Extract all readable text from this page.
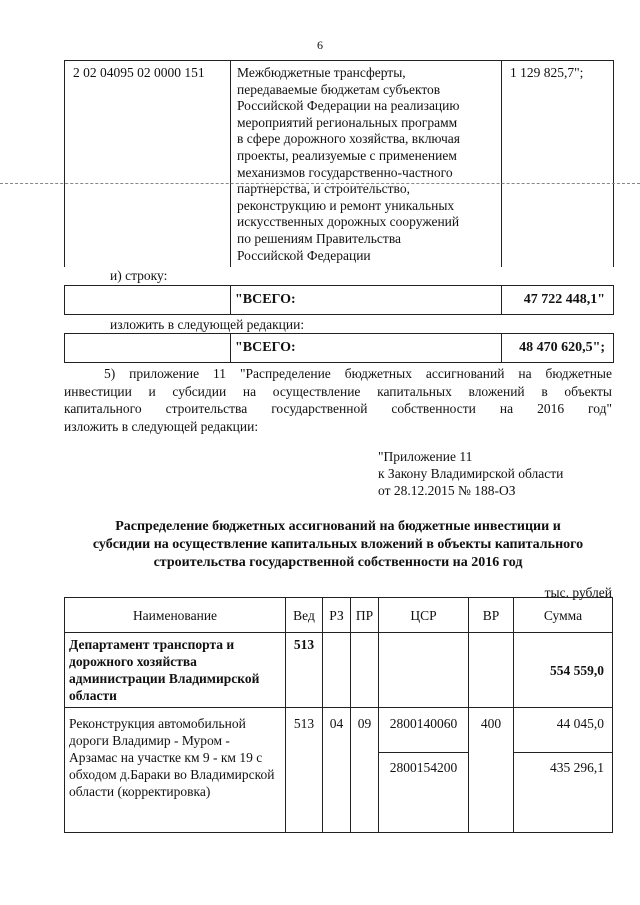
6
2 02 04095 02 0000 151 Межбюджетные трансферты,
передаваемые бюджетам субъектов
Российской Федерации на реализацию
мероприятий региональных программ
в сфере дорожного хозяйства, включая
проекты, реализуемые с применением
механизмов государственно-частного
партнерства, и строительство,
реконструкцию и ремонт уникальных
искусственных дорожных сооружений
по решениям Правительства
Российской Федерации
1 129 825,7";
и) строку:
"ВСЕГО:	47 722 448,1"
изложить в следующей редакции:
"ВСЕГО:	48 470 620,5";
5) приложение 11 "Распределение бюджетных ассигнований на бюджетные
инвестиции и субсидии на осуществление капитальных вложений в объекты
капитального строительства государственной собственности на 2016 год"
изложить в следующей редакции:
"Приложение 11
к Закону Владимирской области
от 28.12.2015 № 188-ОЗ
Распределение бюджетных ассигнований на бюджетные инвестиции и
субсидии на осуществление капитальных вложений в объекты капитального
строительства государственной собственности на 2016 год
тыс. рублей
Наименование	Вед	РЗ	ПР	ЦСР	ВР	Сумма
Департамент транспорта и дорожного хозяйства администрации Владимирской области	513					554 559,0
Реконструкция автомобильной дороги Владимир - Муром - Арзамас на участке км 9 - км 19 с обходом д.Бараки во Владимирской области (корректировка)	513	04	09	2800140060	400	44 045,0
				2800154200		435 296,1
